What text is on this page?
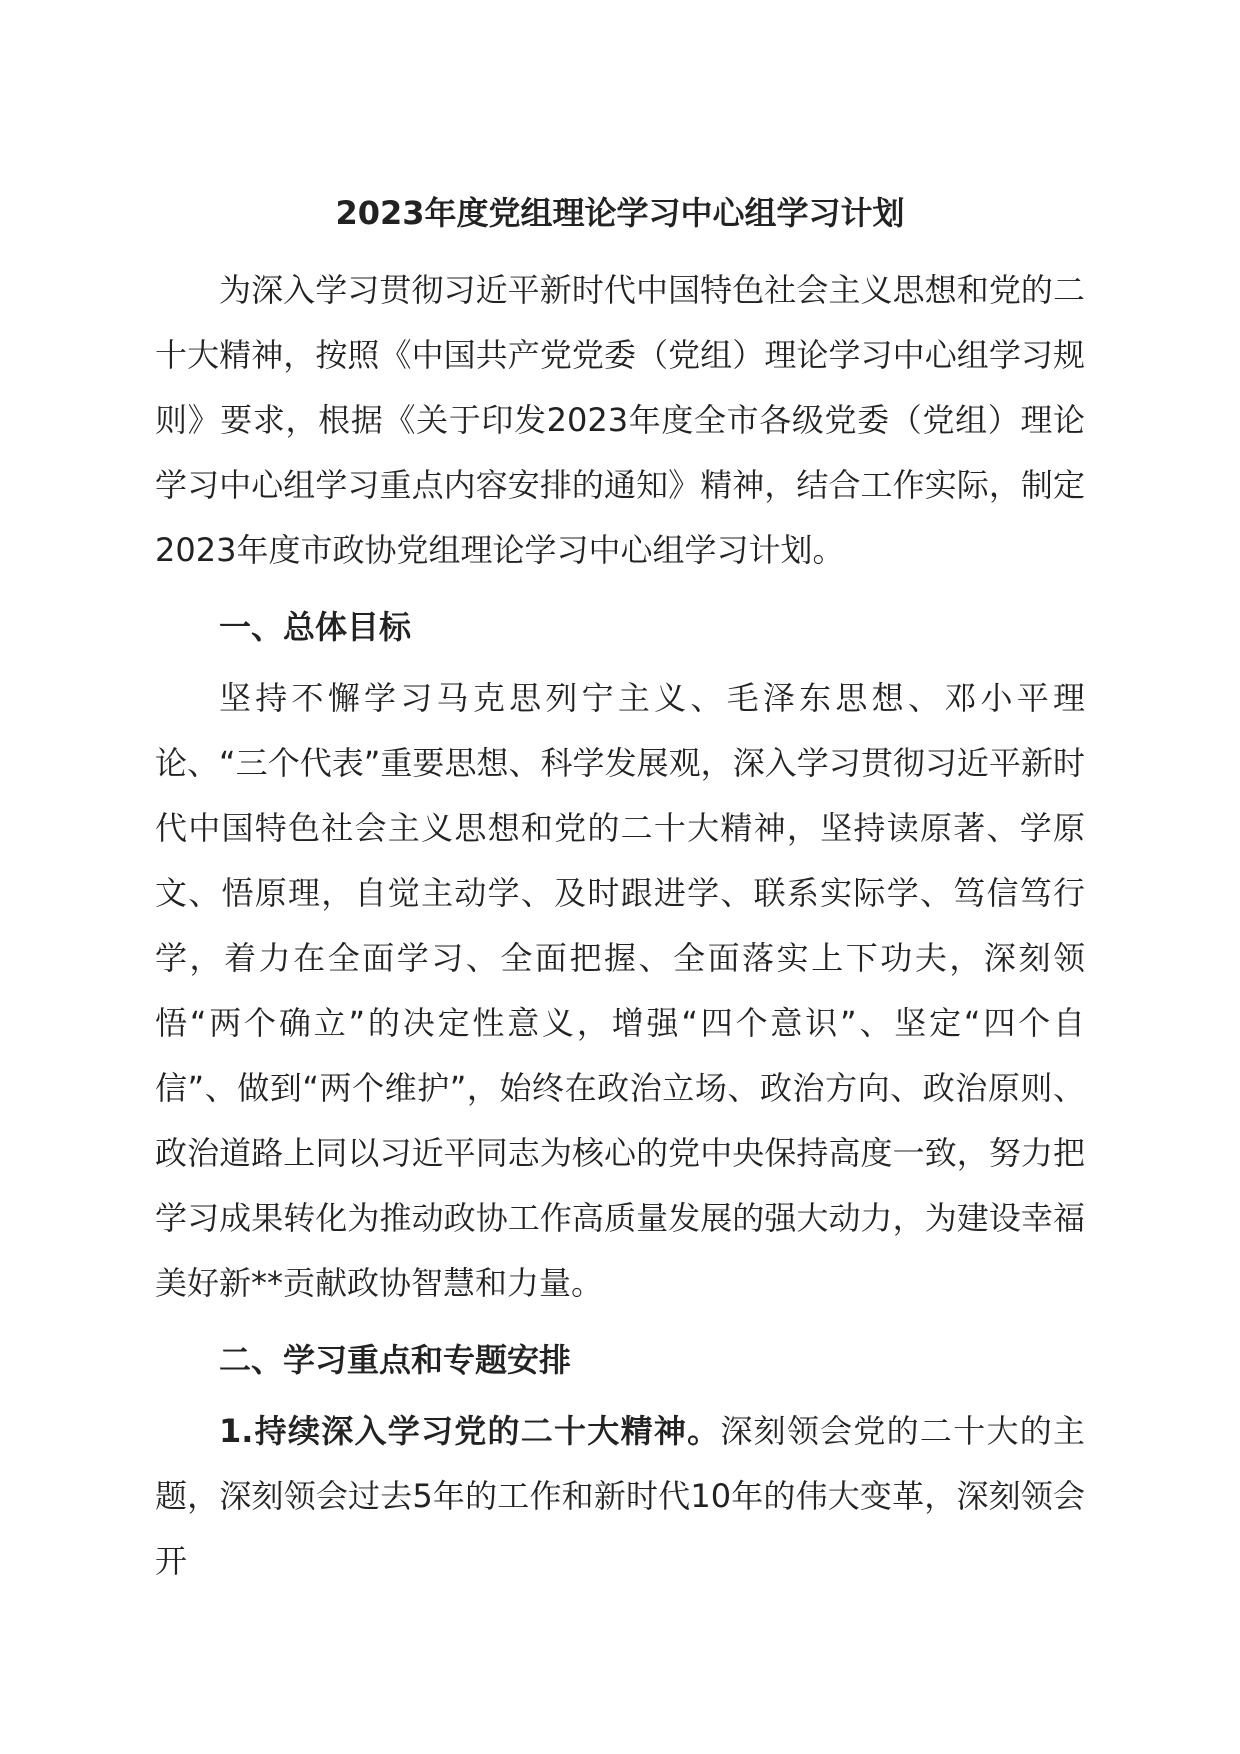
2023年度党组理论学习中心组学习计划

为深入学习贯彻习近平新时代中国特色社会主义思想和党的二十大精神，按照《中国共产党党委（党组）理论学习中心组学习规则》要求，根据《关于印发2023年度全市各级党委（党组）理论学习中心组学习重点内容安排的通知》精神，结合工作实际，制定2023年度市政协党组理论学习中心组学习计划。

一、总体目标

坚持不懈学习马克思列宁主义、毛泽东思想、邓小平理论、“三个代表”重要思想、科学发展观，深入学习贯彻习近平新时代中国特色社会主义思想和党的二十大精神，坚持读原著、学原文、悟原理，自觉主动学、及时跟进学、联系实际学、笃信笃行学，着力在全面学习、全面把握、全面落实上下功夫，深刻领悟“两个确立”的决定性意义，增强“四个意识”、坚定“四个自信”、做到“两个维护”，始终在政治立场、政治方向、政治原则、政治道路上同以习近平同志为核心的党中央保持高度一致，努力把学习成果转化为推动政协工作高质量发展的强大动力，为建设幸福美好新**贡献政协智慧和力量。

二、学习重点和专题安排

1.持续深入学习党的二十大精神。深刻领会党的二十大的主题，深刻领会过去5年的工作和新时代10年的伟大变革，深刻领会开
